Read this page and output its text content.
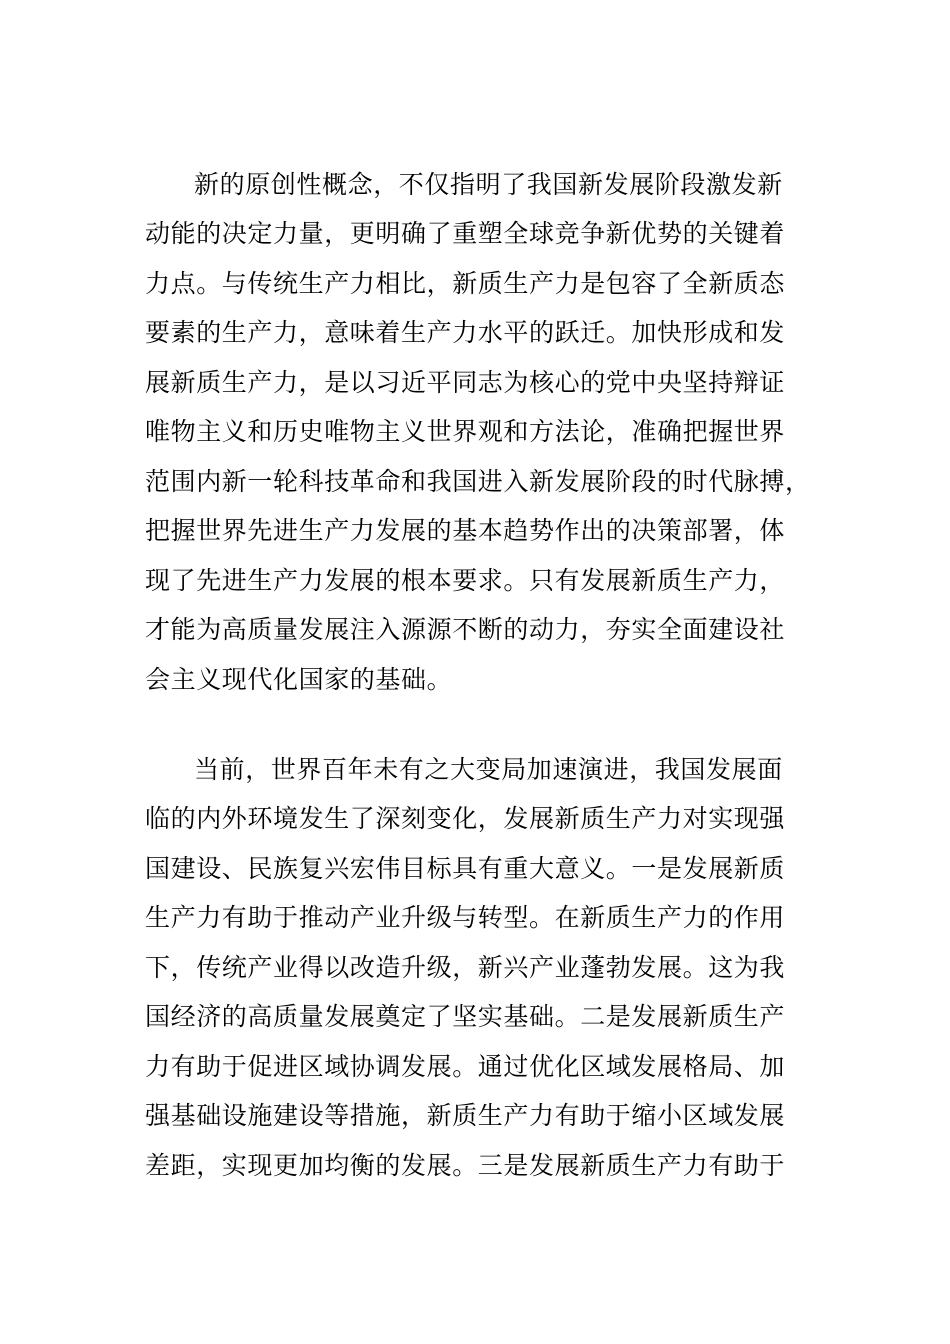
新的原创性概念，不仅指明了我国新发展阶段激发新
动能的决定力量，更明确了重塑全球竞争新优势的关键着
力点。与传统生产力相比，新质生产力是包容了全新质态
要素的生产力，意味着生产力水平的跃迁。加快形成和发
展新质生产力，是以习近平同志为核心的党中央坚持辩证
唯物主义和历史唯物主义世界观和方法论，准确把握世界
范围内新一轮科技革命和我国进入新发展阶段的时代脉搏，
把握世界先进生产力发展的基本趋势作出的决策部署，体
现了先进生产力发展的根本要求。只有发展新质生产力，
才能为高质量发展注入源源不断的动力，夯实全面建设社
会主义现代化国家的基础。
当前，世界百年未有之大变局加速演进，我国发展面
临的内外环境发生了深刻变化，发展新质生产力对实现强
国建设、民族复兴宏伟目标具有重大意义。一是发展新质
生产力有助于推动产业升级与转型。在新质生产力的作用
下，传统产业得以改造升级，新兴产业蓬勃发展。这为我
国经济的高质量发展奠定了坚实基础。二是发展新质生产
力有助于促进区域协调发展。通过优化区域发展格局、加
强基础设施建设等措施，新质生产力有助于缩小区域发展
差距，实现更加均衡的发展。三是发展新质生产力有助于
